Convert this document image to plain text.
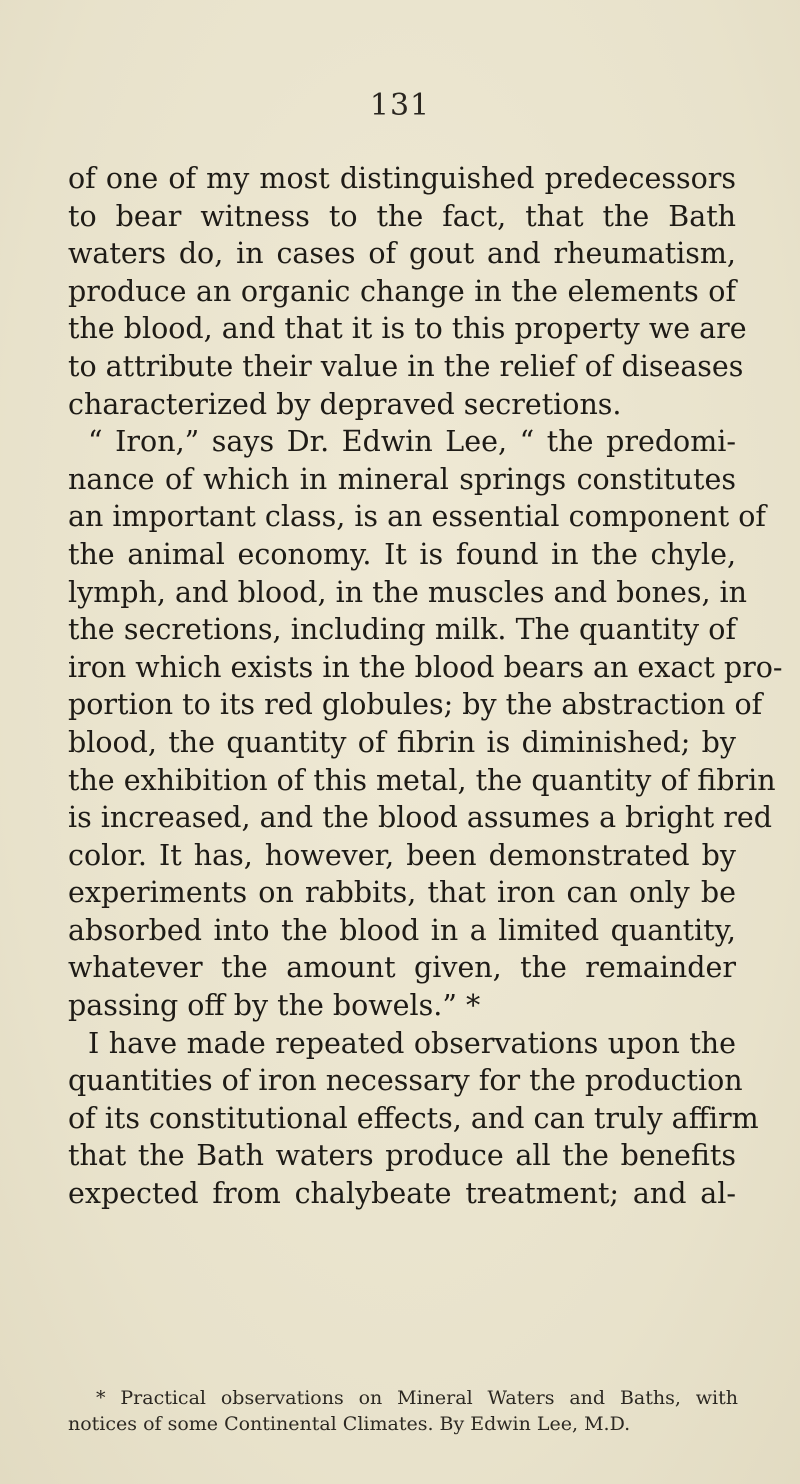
131
of one of my most distinguished predecessors
to bear witness to the fact, that the Bath
waters do, in cases of gout and rheumatism,
produce an organic change in the elements of
the blood, and that it is to this property we are
to attribute their value in the relief of diseases
characterized by depraved secretions.
“ Iron,” says Dr. Edwin Lee, “ the predomi-
nance of which in mineral springs constitutes
an important class, is an essential component of
the animal economy. It is found in the chyle,
lymph, and blood, in the muscles and bones, in
the secretions, including milk. The quantity of
iron which exists in the blood bears an exact pro-
portion to its red globules; by the abstraction of
blood, the quantity of fibrin is diminished; by
the exhibition of this metal, the quantity of fibrin
is increased, and the blood assumes a bright red
color. It has, however, been demonstrated by
experiments on rabbits, that iron can only be
absorbed into the blood in a limited quantity,
whatever the amount given, the remainder
passing off by the bowels.” *
I have made repeated observations upon the
quantities of iron necessary for the production
of its constitutional effects, and can truly affirm
that the Bath waters produce all the benefits
expected from chalybeate treatment; and al-
* Practical observations on Mineral Waters and Baths, with
notices of some Continental Climates. By Edwin Lee, M.D.
